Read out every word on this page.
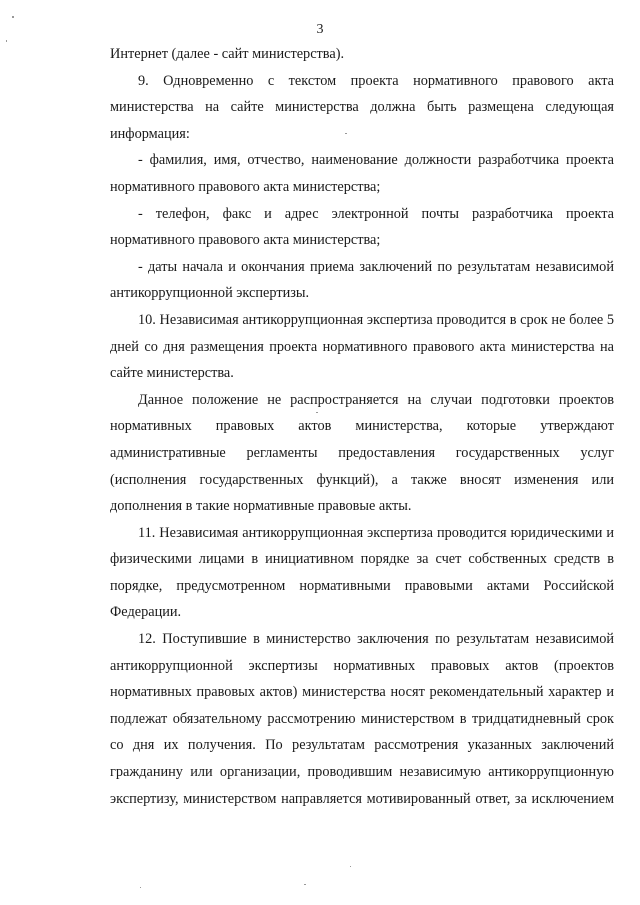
3

Интернет (далее - сайт министерства).

9. Одновременно с текстом проекта нормативного правового акта министерства на сайте министерства должна быть размещена следующая информация:

- фамилия, имя, отчество, наименование должности разработчика проекта нормативного правового акта министерства;

- телефон, факс и адрес электронной почты разработчика проекта нормативного правового акта министерства;

- даты начала и окончания приема заключений по результатам независимой антикоррупционной экспертизы.

10. Независимая антикоррупционная экспертиза проводится в срок не более 5 дней со дня размещения проекта нормативного правового акта министерства на сайте министерства.

Данное положение не распространяется на случаи подготовки проектов нормативных правовых актов министерства, которые утверждают административные регламенты предоставления государственных услуг (исполнения государственных функций), а также вносят изменения или дополнения в такие нормативные правовые акты.

11. Независимая антикоррупционная экспертиза проводится юридическими и физическими лицами в инициативном порядке за счет собственных средств в порядке, предусмотренном нормативными правовыми актами Российской Федерации.

12. Поступившие в министерство заключения по результатам независимой антикоррупционной экспертизы нормативных правовых актов (проектов нормативных правовых актов) министерства носят рекомендательный характер и подлежат обязательному рассмотрению министерством в тридцатидневный срок со дня их получения. По результатам рассмотрения указанных заключений гражданину или организации, проводившим независимую антикоррупционную экспертизу, министерством направляется мотивированный ответ, за исключением
